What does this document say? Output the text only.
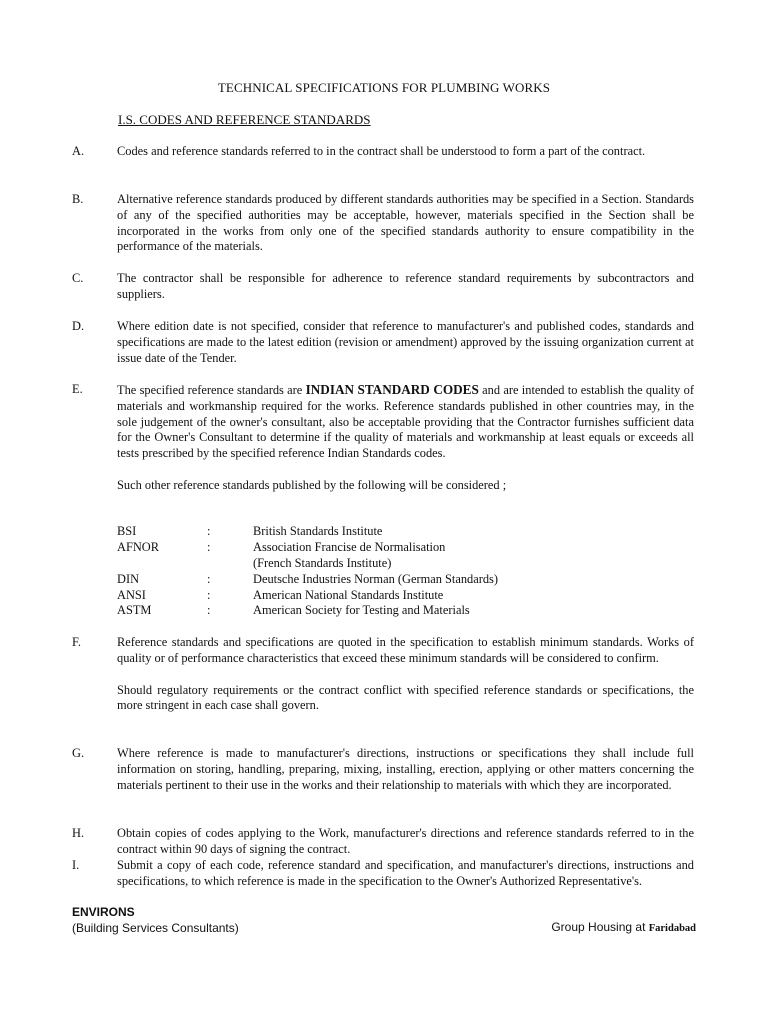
TECHNICAL SPECIFICATIONS FOR PLUMBING WORKS
I.S. CODES AND REFERENCE STANDARDS
A.	Codes and reference standards referred to in the contract shall be understood to form a part of the contract.
B.	Alternative reference standards produced by different standards authorities may be specified in a Section. Standards of any of the specified authorities may be acceptable, however, materials specified in the Section shall be incorporated in the works from only one of the specified standards authority to ensure compatibility in the performance of the materials.
C.	The contractor shall be responsible for adherence to reference standard requirements by subcontractors and suppliers.
D.	Where edition date is not specified, consider that reference to manufacturer's and published codes, standards and specifications are made to the latest edition (revision or amendment) approved by the issuing organization current at issue date of the Tender.
E.	The specified reference standards are INDIAN STANDARD CODES and are intended to establish the quality of materials and workmanship required for the works. Reference standards published in other countries may, in the sole judgement of the owner's consultant, also be acceptable providing that the Contractor furnishes sufficient data for the Owner's Consultant to determine if the quality of materials and workmanship at least equals or exceeds all tests prescribed by the specified reference Indian Standards codes.
Such other reference standards published by the following will be considered ;
BSI	:	British Standards Institute
AFNOR	:	Association Francise de Normalisation
(French Standards Institute)
DIN	:	Deutsche Industries Norman (German Standards)
ANSI	:	American National Standards Institute
ASTM	:	American Society for Testing and Materials
F.	Reference standards and specifications are quoted in the specification to establish minimum standards. Works of quality or of performance characteristics that exceed these minimum standards will be considered to confirm.
Should regulatory requirements or the contract conflict with specified reference standards or specifications, the more stringent in each case shall govern.
G.	Where reference is made to manufacturer's directions, instructions or specifications they shall include full information on storing, handling, preparing, mixing, installing, erection, applying or other matters concerning the materials pertinent to their use in the works and their relationship to materials with which they are incorporated.
H.	Obtain copies of codes applying to the Work, manufacturer's directions and reference standards referred to in the contract within 90 days of signing the contract.
I.	Submit a copy of each code, reference standard and specification, and manufacturer's directions, instructions and specifications, to which reference is made in the specification to the Owner's Authorized Representative's.
ENVIRONS
(Building Services Consultants)	Group Housing at Faridabad
